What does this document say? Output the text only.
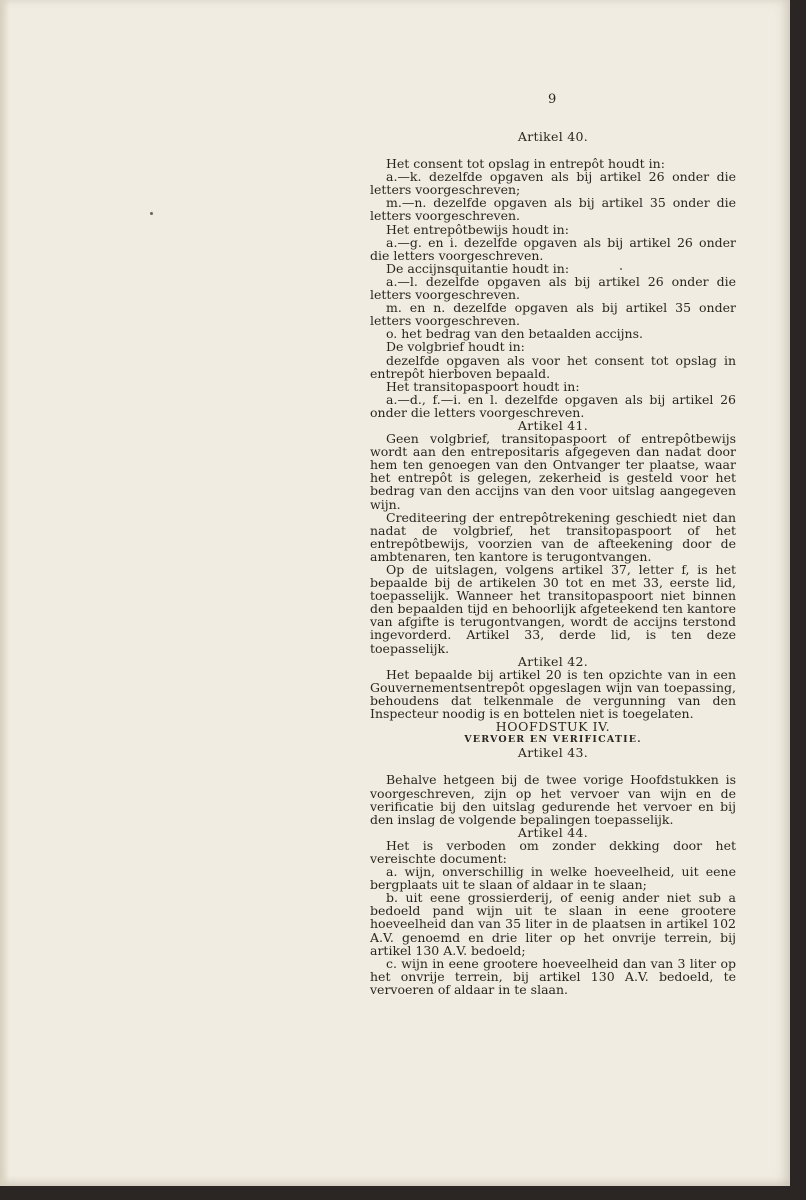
9

Artikel 40.

Het consent tot opslag in entrepôt houdt in:

a.—k. dezelfde opgaven als bij artikel 26 onder die letters voorgeschreven;

m.—n. dezelfde opgaven als bij artikel 35 onder die letters voorgeschreven.

Het entrepôtbewijs houdt in:

a.—g. en i. dezelfde opgaven als bij artikel 26 onder die letters voorgeschreven.

De accijnsquitantie houdt in:

a.—l. dezelfde opgaven als bij artikel 26 onder die letters voorgeschreven.

m. en n. dezelfde opgaven als bij artikel 35 onder letters voorgeschreven.

o. het bedrag van den betaalden accijns.

De volgbrief houdt in:

dezelfde opgaven als voor het consent tot opslag in entrepôt hierboven bepaald.

Het transitopaspoort houdt in:

a.—d., f.—i. en l. dezelfde opgaven als bij artikel 26 onder die letters voorgeschreven.

Artikel 41.

Geen volgbrief, transitopaspoort of entrepôtbewijs wordt aan den entrepositaris afgegeven dan nadat door hem ten genoegen van den Ontvanger ter plaatse, waar het entrepôt is gelegen, zekerheid is gesteld voor het bedrag van den accijns van den voor uitslag aangegeven wijn.

Crediteering der entrepôtrekening geschiedt niet dan nadat de volgbrief, het transitopaspoort of het entrepôtbewijs, voorzien van de afteekening door de ambtenaren, ten kantore is terugontvangen.

Op de uitslagen, volgens artikel 37, letter f, is het bepaalde bij de artikelen 30 tot en met 33, eerste lid, toepasselijk. Wanneer het transitopaspoort niet binnen den bepaalden tijd en behoorlijk afgeteekend ten kantore van afgifte is terugontvangen, wordt de accijns terstond ingevorderd. Artikel 33, derde lid, is ten deze toepasselijk.

Artikel 42.

Het bepaalde bij artikel 20 is ten opzichte van in een Gouvernementsentrepôt opgeslagen wijn van toepassing, behoudens dat telkenmale de vergunning van den Inspecteur noodig is en bottelen niet is toegelaten.

HOOFDSTUK IV.

VERVOER EN VERIFICATIE.

Artikel 43.

Behalve hetgeen bij de twee vorige Hoofdstukken is voorgeschreven, zijn op het vervoer van wijn en de verificatie bij den uitslag gedurende het vervoer en bij den inslag de volgende bepalingen toepasselijk.

Artikel 44.

Het is verboden om zonder dekking door het vereischte document:

a. wijn, onverschillig in welke hoeveelheid, uit eene bergplaats uit te slaan of aldaar in te slaan;

b. uit eene grossierderij, of eenig ander niet sub a bedoeld pand wijn uit te slaan in eene grootere hoeveelheid dan van 35 liter in de plaatsen in artikel 102 A.V. genoemd en drie liter op het onvrije terrein, bij artikel 130 A.V. bedoeld;

c. wijn in eene grootere hoeveelheid dan van 3 liter op het onvrije terrein, bij artikel 130 A.V. bedoeld, te vervoeren of aldaar in te slaan.
